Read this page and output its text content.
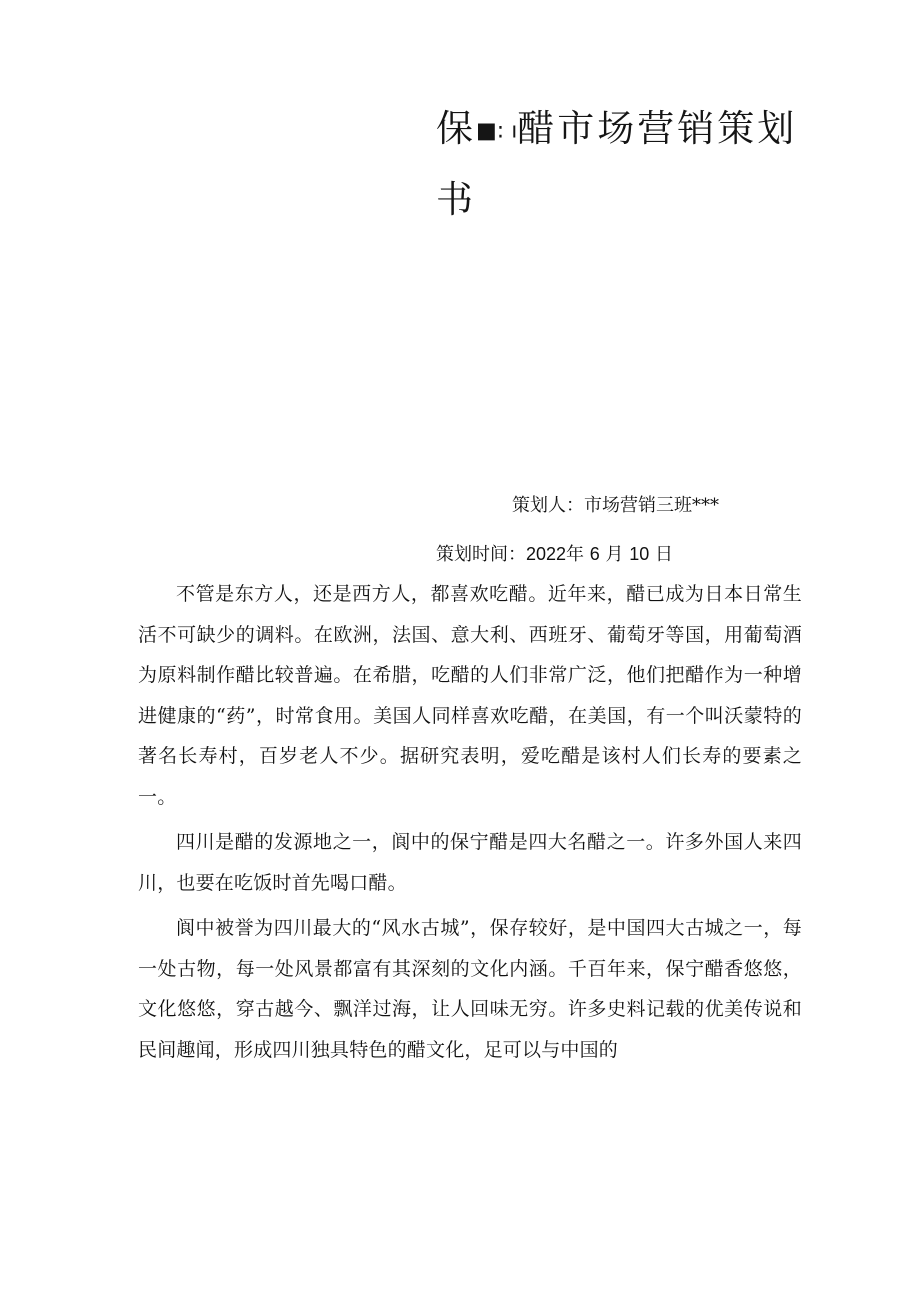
保■: ı醋市场营销策划
书
策划人：市场营销三班***
策划时间：2022年 6 月 10 日

不管是东方人，还是西方人，都喜欢吃醋。近年来，醋已成为日本日常生活不可缺少的调料。在欧洲，法国、意大利、西班牙、葡萄牙等国，用葡萄酒为原料制作醋比较普遍。在希腊，吃醋的人们非常广泛，他们把醋作为一种增进健康的“药”，时常食用。美国人同样喜欢吃醋，在美国，有一个叫沃蒙特的著名长寿村，百岁老人不少。据研究表明，爱吃醋是该村人们长寿的要素之一。

四川是醋的发源地之一，阆中的保宁醋是四大名醋之一。许多外国人来四川，也要在吃饭时首先喝口醋。

阆中被誉为四川最大的“风水古城”，保存较好，是中国四大古城之一，每一处古物，每一处风景都富有其深刻的文化内涵。千百年来，保宁醋香悠悠，文化悠悠，穿古越今、飘洋过海，让人回味无穷。许多史料记载的优美传说和民间趣闻，形成四川独具特色的醋文化，足可以与中国的
